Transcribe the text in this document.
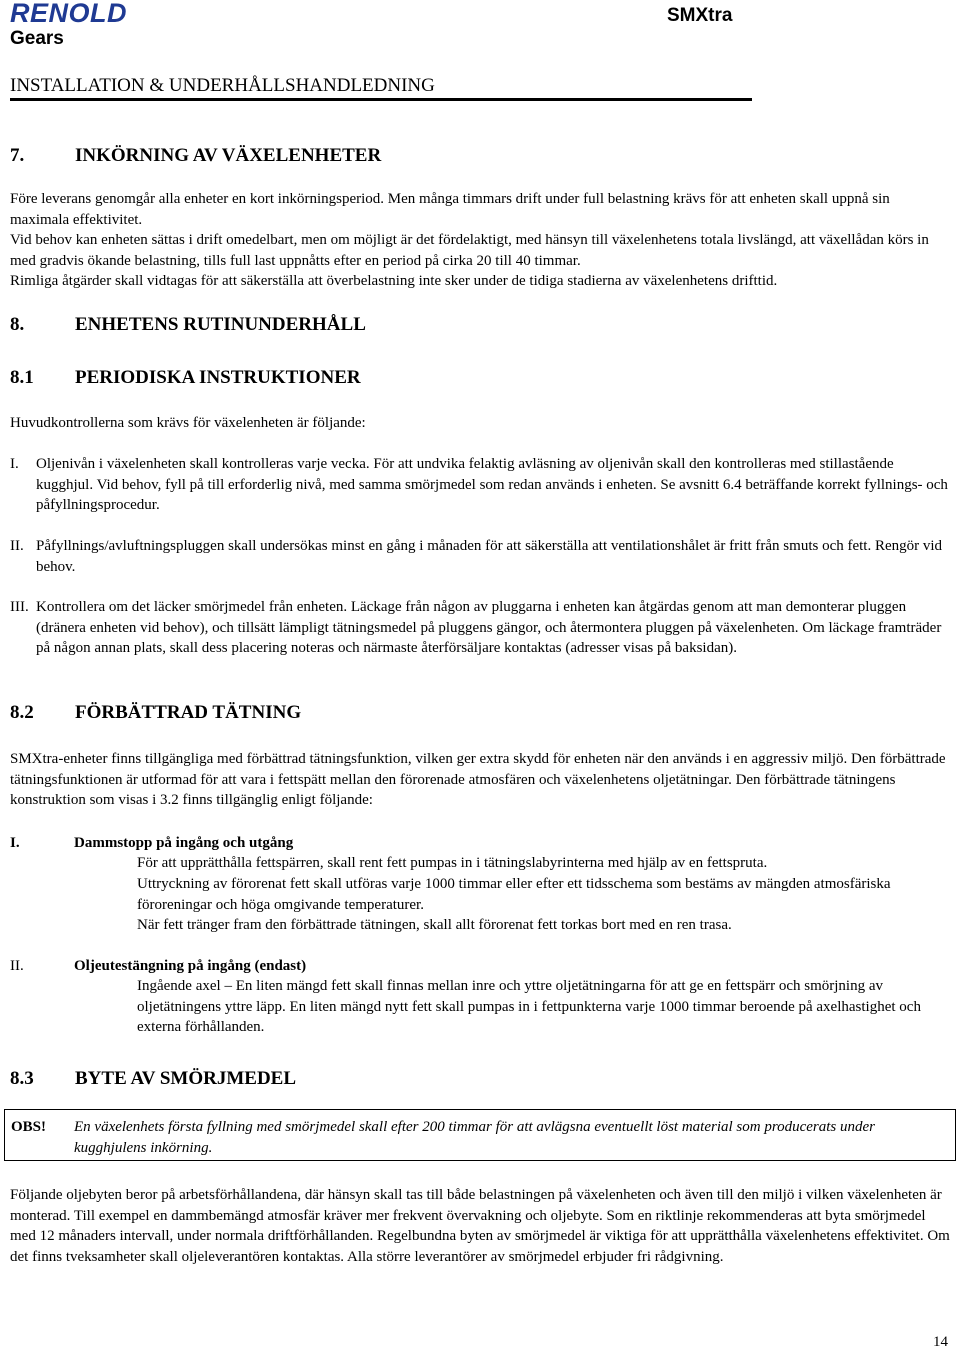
RENOLD
Gears
SMXtra
INSTALLATION & UNDERHÅLLSHANDLEDNING
7.	INKÖRNING AV VÄXELENHETER
Före leverans genomgår alla enheter en kort inkörningsperiod. Men många timmars drift under full belastning krävs för att enheten skall uppnå sin maximala effektivitet.
Vid behov kan enheten sättas i drift omedelbart, men om möjligt är det fördelaktigt, med hänsyn till växelenhetens totala livslängd, att växellådan körs in med gradvis ökande belastning, tills full last uppnåtts efter en period på cirka 20 till 40 timmar.
Rimliga åtgärder skall vidtagas för att säkerställa att överbelastning inte sker under de tidiga stadierna av växelenhetens drifttid.
8.	ENHETENS RUTINUNDERHÅLL
8.1 PERIODISKA INSTRUKTIONER
Huvudkontrollerna som krävs för växelenheten är följande:
I. Oljenivån i växelenheten skall kontrolleras varje vecka. För att undvika felaktig avläsning av oljenivån skall den kontrolleras med stillastående kugghjul. Vid behov, fyll på till erforderlig nivå, med samma smörjmedel som redan används i enheten. Se avsnitt 6.4 beträffande korrekt fyllnings- och påfyllningsprocedur.
II. Påfyllnings/avluftningspluggen skall undersökas minst en gång i månaden för att säkerställa att ventilationshålet är fritt från smuts och fett. Rengör vid behov.
III. Kontrollera om det läcker smörjmedel från enheten. Läckage från någon av pluggarna i enheten kan åtgärdas genom att man demonterar pluggen (dränera enheten vid behov), och tillsätt lämpligt tätningsmedel på pluggens gängor, och återmontera pluggen på växelenheten. Om läckage framträder på någon annan plats, skall dess placering noteras och närmaste återförsäljare kontaktas (adresser visas på baksidan).
8.2 FÖRBÄTTRAD TÄTNING
SMXtra-enheter finns tillgängliga med förbättrad tätningsfunktion, vilken ger extra skydd för enheten när den används i en aggressiv miljö. Den förbättrade tätningsfunktionen är utformad för att vara i fettspätt mellan den förorenade atmosfären och växelenhetens oljetätningar. Den förbättrade tätningens konstruktion som visas i 3.2 finns tillgänglig enligt följande:
I.	Dammstopp på ingång och utgång
För att upprätthålla fettspärren, skall rent fett pumpas in i tätningslabyrinterna med hjälp av en fettspruta.
Uttryckning av förorenat fett skall utföras varje 1000 timmar eller efter ett tidsschema som bestäms av mängden atmosfäriska föroreningar och höga omgivande temperaturer.
När fett tränger fram den förbättrade tätningen, skall allt förorenat fett torkas bort med en ren trasa.
II.	Oljeutestängning på ingång (endast)
Ingående axel – En liten mängd fett skall finnas mellan inre och yttre oljetätningarna för att ge en fettspärr och smörjning av oljetätningens yttre läpp. En liten mängd nytt fett skall pumpas in i fettpunkterna varje 1000 timmar beroende på axelhastighet och externa förhållanden.
8.3 BYTE AV SMÖRJMEDEL
OBS! En växelenhets första fyllning med smörjmedel skall efter 200 timmar för att avlägsna eventuellt löst material som producerats under kugghjulens inkörning.
Följande oljebyten beror på arbetsförhållandena, där hänsyn skall tas till både belastningen på växelenheten och även till den miljö i vilken växelenheten är monterad. Till exempel en dammbemängd atmosfär kräver mer frekvent övervakning och oljebyte. Som en riktlinje rekommenderas att byta smörjmedel med 12 månaders intervall, under normala driftförhållanden. Regelbundna byten av smörjmedel är viktiga för att upprätthålla växelenhetens effektivitet. Om det finns tveksamheter skall oljeleverantören kontaktas. Alla större leverantörer av smörjmedel erbjuder fri rådgivning.
14
